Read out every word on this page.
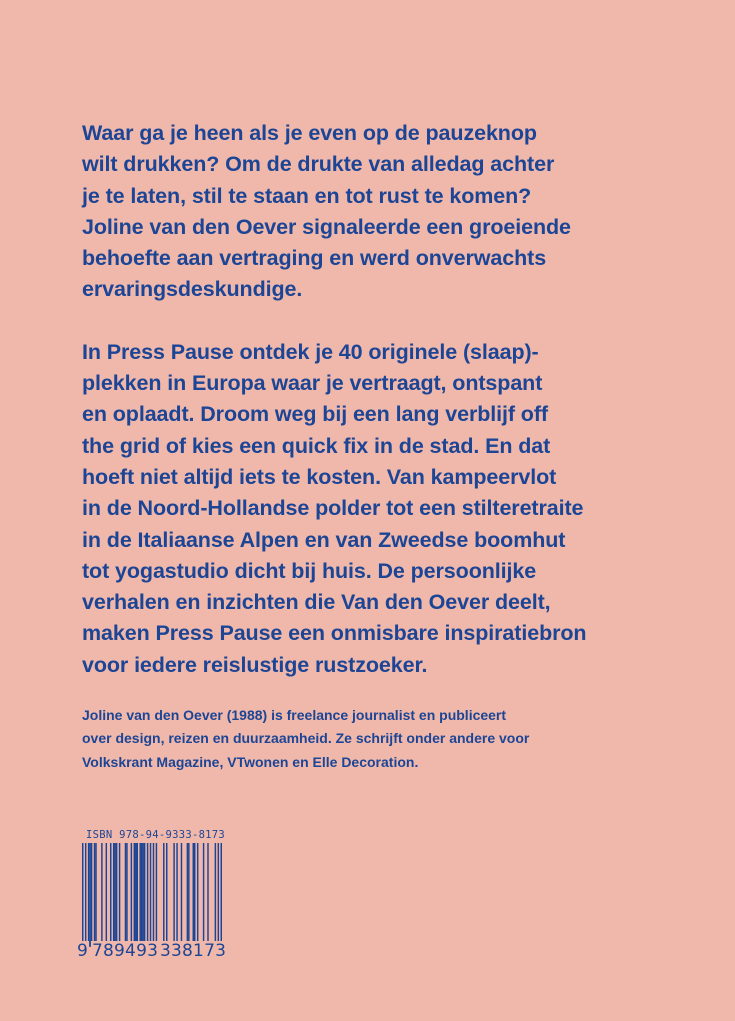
Waar ga je heen als je even op de pauzeknop
wilt drukken? Om de drukte van alledag achter
je te laten, stil te staan en tot rust te komen?
Joline van den Oever signaleerde een groeiende
behoefte aan vertraging en werd onverwachts
ervaringsdeskundige.

In Press Pause ontdek je 40 originele (slaap)-
plekken in Europa waar je vertraagt, ontspant
en oplaadt. Droom weg bij een lang verblijf off
the grid of kies een quick fix in de stad. En dat
hoeft niet altijd iets te kosten. Van kampeervlot
in de Noord-Hollandse polder tot een stilteretraite
in de Italiaanse Alpen en van Zweedse boomhut
tot yogastudio dicht bij huis. De persoonlijke
verhalen en inzichten die Van den Oever deelt,
maken Press Pause een onmisbare inspiratiebron
voor iedere reislustige rustzoeker.

Joline van den Oever (1988) is freelance journalist en publiceert
over design, reizen en duurzaamheid. Ze schrijft onder andere voor
Volkskrant Magazine, VTwonen en Elle Decoration.
ISBN 978-94-9333-8173
9 789493 338173
